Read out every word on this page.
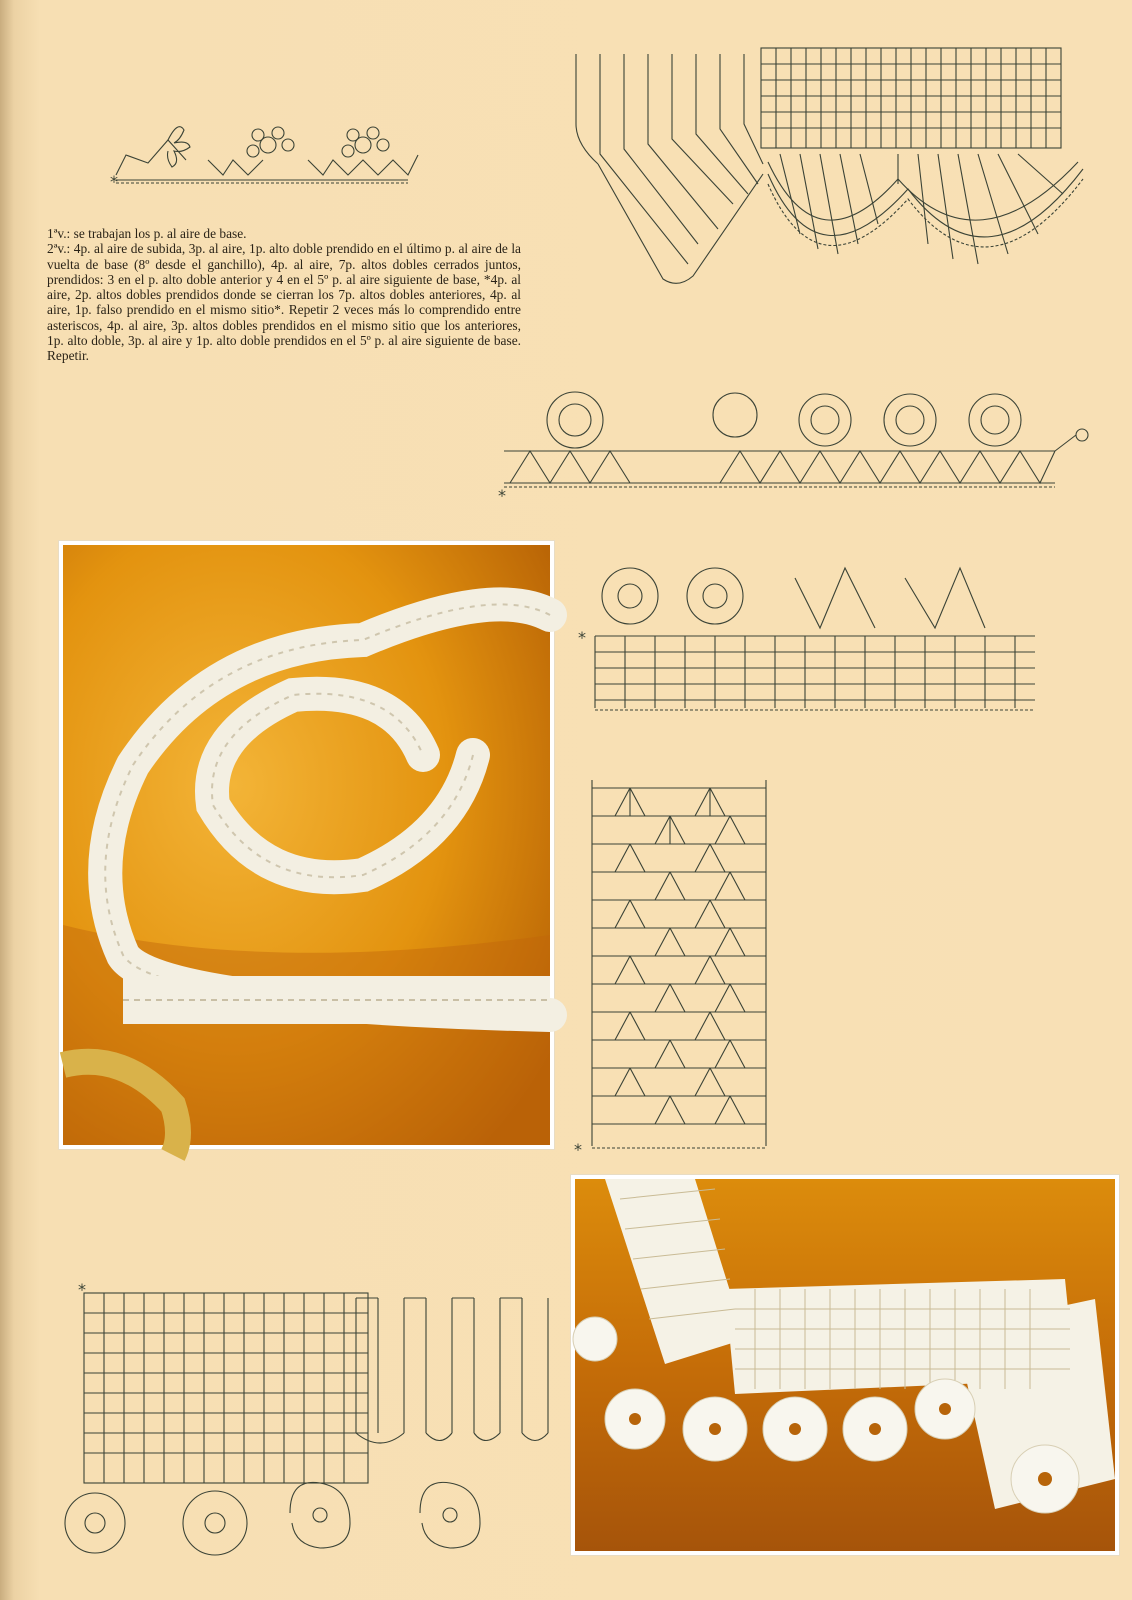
*

1ªv.: se trabajan los p. al aire de base.

2ªv.: 4p. al aire de subida, 3p. al aire, 1p. alto doble prendido en el último p. al aire de la vuelta de base (8º desde el ganchillo), 4p. al aire, 7p. altos dobles cerrados juntos, prendidos: 3 en el p. alto doble anterior y 4 en el 5º p. al aire siguiente de base, *4p. al aire, 2p. altos dobles prendidos donde se cierran los 7p. altos dobles anteriores, 4p. al aire, 1p. falso prendido en el mismo sitio*. Repetir 2 veces más lo comprendido entre asteriscos, 4p. al aire, 3p. altos dobles prendidos en el mismo sitio que los anteriores, 1p. alto doble, 3p. al aire y 1p. alto doble prendidos en el 5º p. al aire siguiente de base. Repetir.

*
*
*
*
